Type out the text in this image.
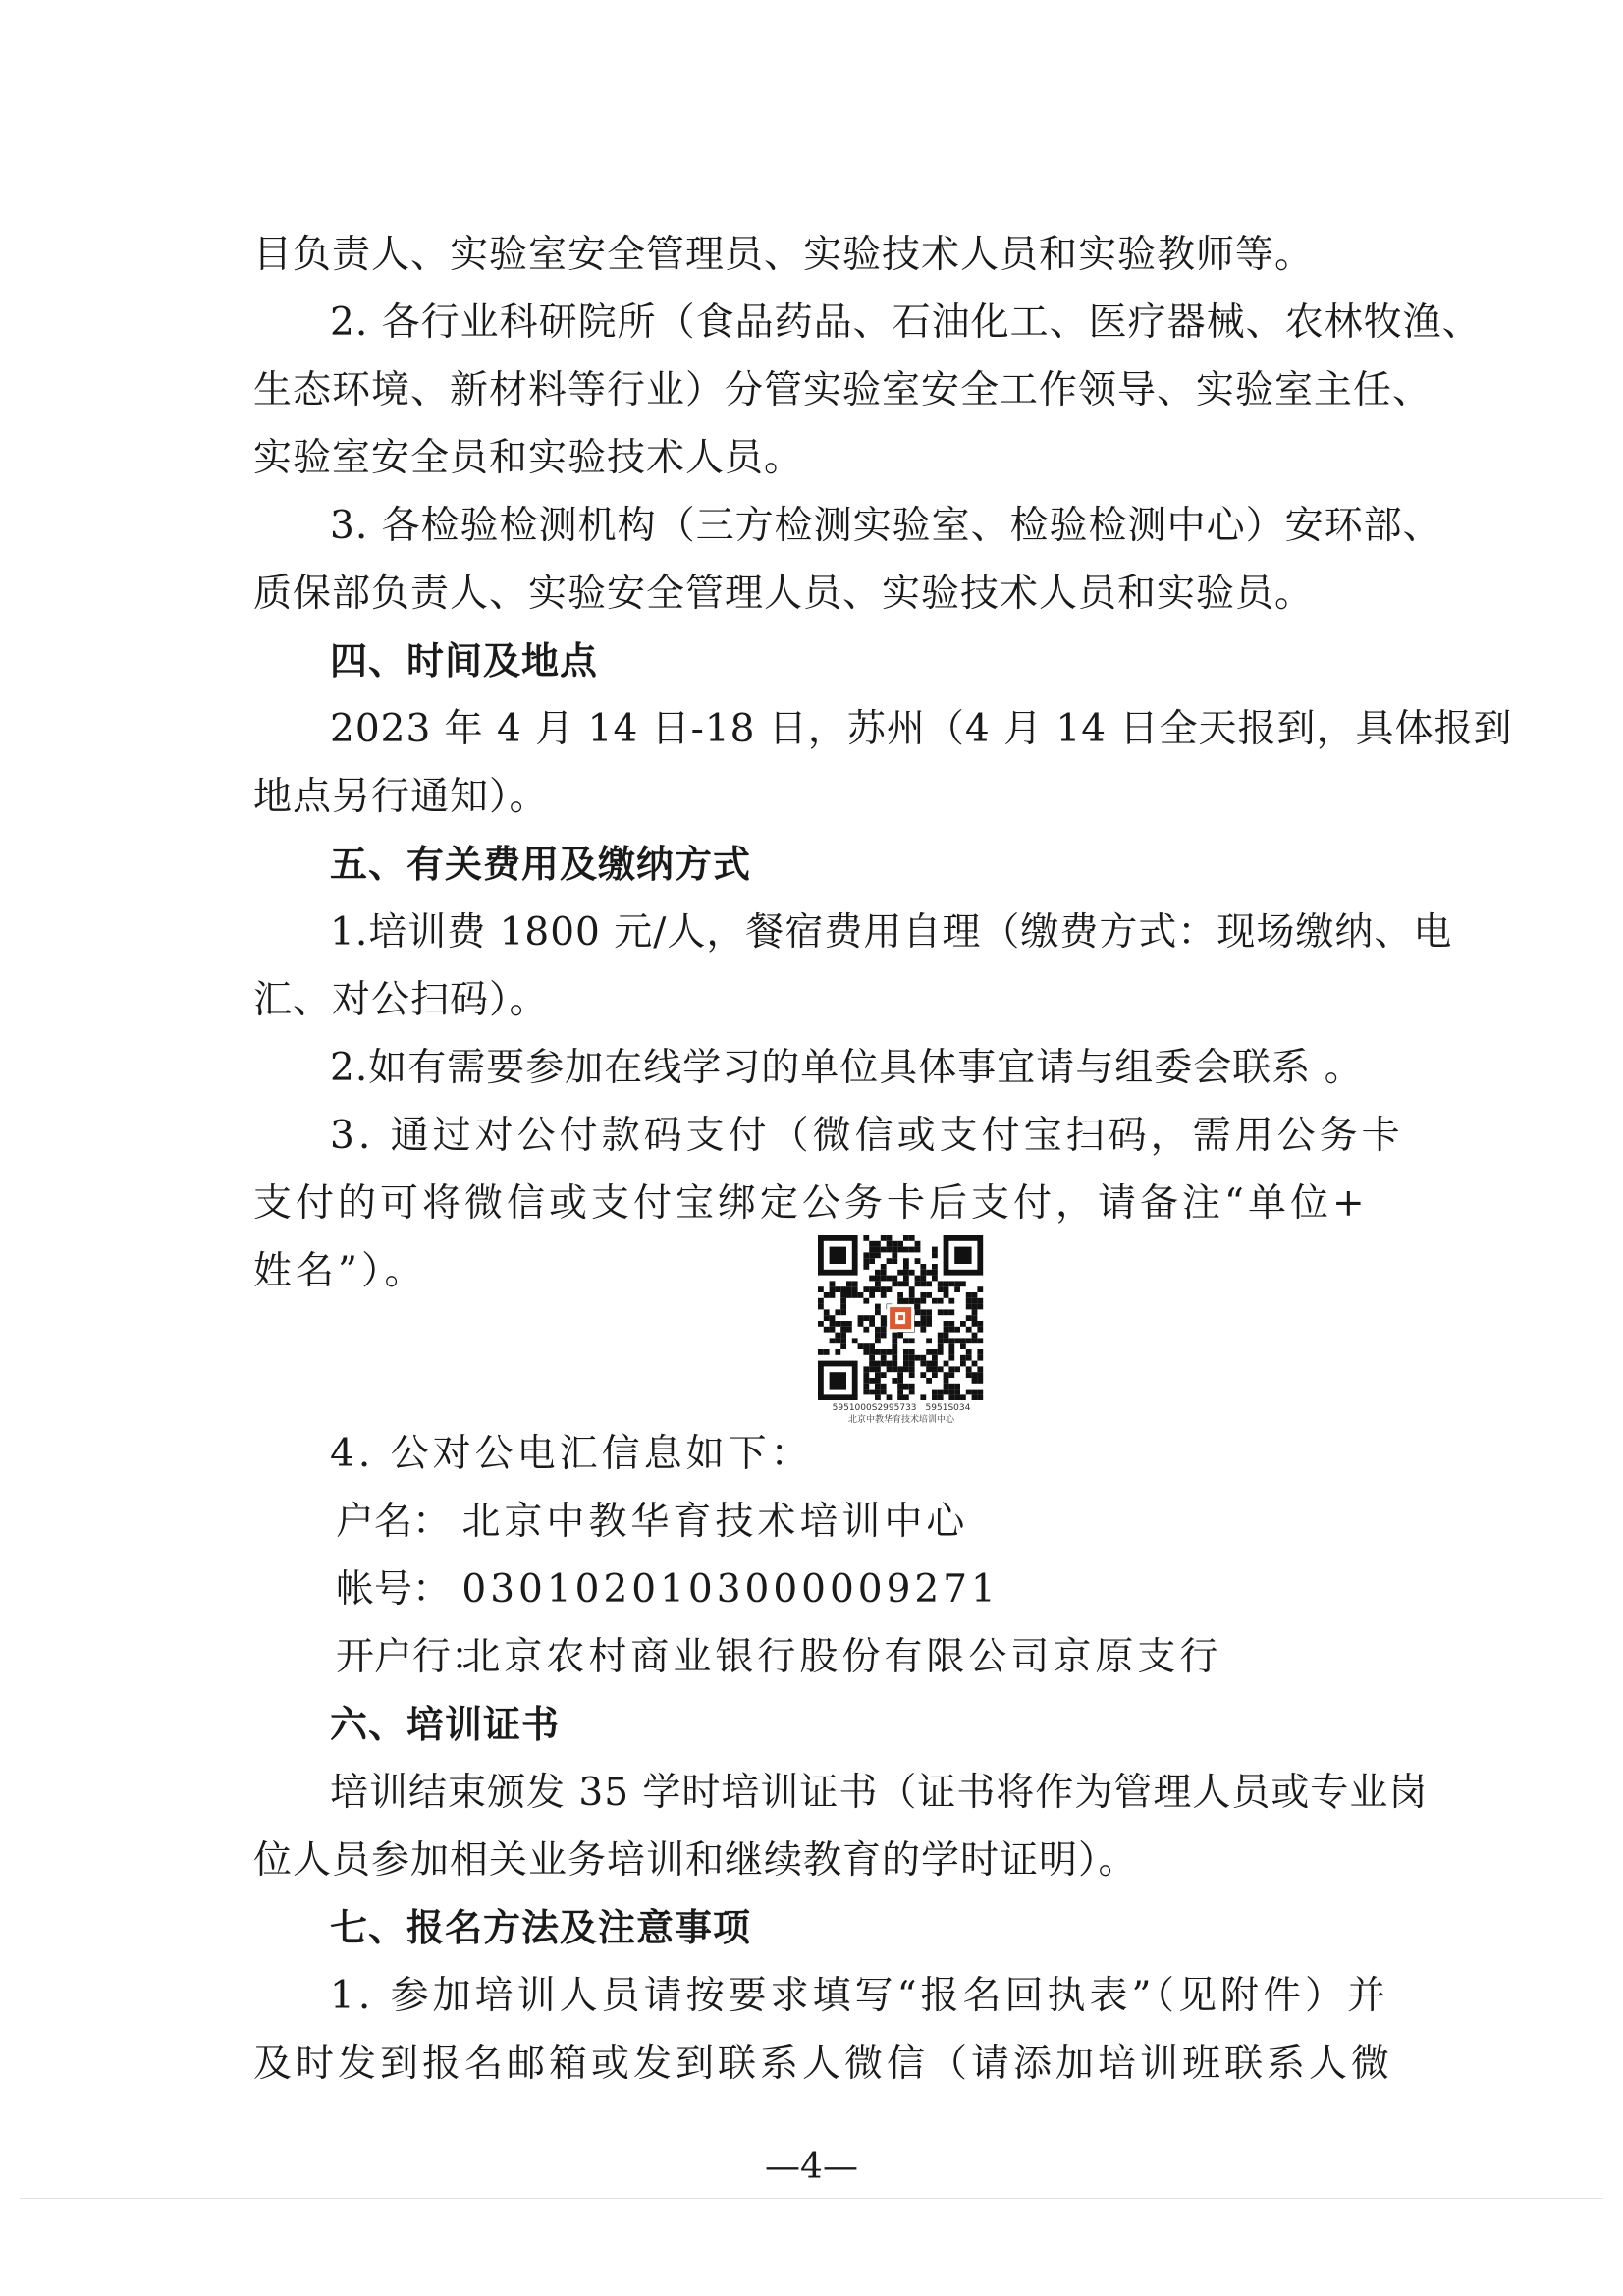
目负责人、实验室安全管理员、实验技术人员和实验教师等。
2. 各行业科研院所（食品药品、石油化工、医疗器械、农林牧渔、
生态环境、新材料等行业）分管实验室安全工作领导、实验室主任、
实验室安全员和实验技术人员。
3. 各检验检测机构（三方检测实验室、检验检测中心）安环部、
质保部负责人、实验安全管理人员、实验技术人员和实验员。
四、时间及地点
2023 年 4 月 14 日-18 日，苏州（4 月 14 日全天报到，具体报到
地点另行通知）。
五、有关费用及缴纳方式
1.培训费 1800 元/人，餐宿费用自理（缴费方式：现场缴纳、电
汇、对公扫码）。
2.如有需要参加在线学习的单位具体事宜请与组委会联系 。
3. 通过对公付款码支付（微信或支付宝扫码，需用公务卡
支付的可将微信或支付宝绑定公务卡后支付，请备注“单位+
姓名”）。
4. 公对公电汇信息如下：
户 名： 北京中教华育技术培训中心
帐 号： 0301020103000009271
开户行： 北京农村商业银行股份有限公司京原支行
六、培训证书
培训结束颁发 35 学时培训证书（证书将作为管理人员或专业岗
位人员参加相关业务培训和继续教育的学时证明）。
七、报名方法及注意事项
1. 参加培训人员请按要求填写“报名回执表”（见附件）并
及时发到报名邮箱或发到联系人微信（请添加培训班联系人微
5951000S2995733　5951S034
北京中教华育技术培训中心
—4—
